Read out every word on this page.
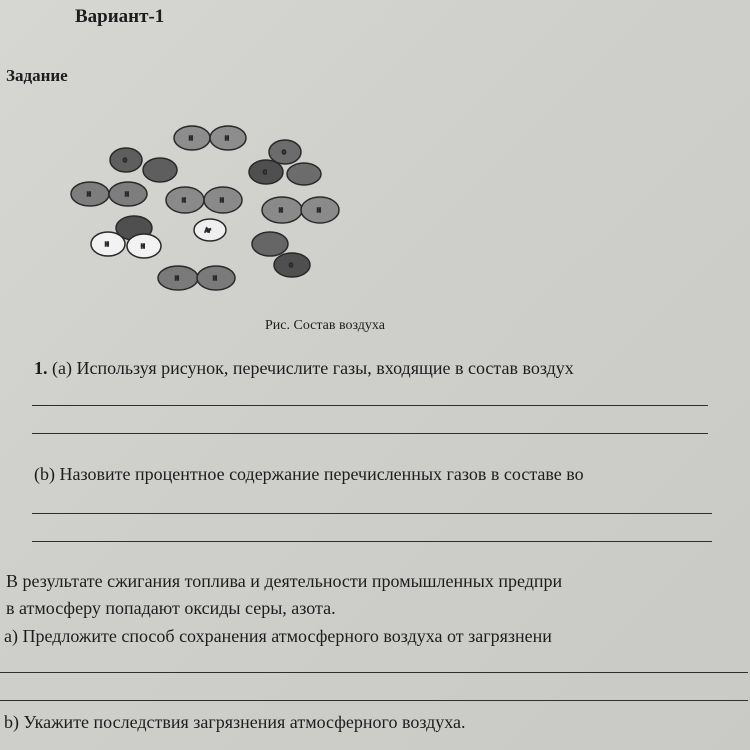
Вариант-1
Задание
H	H
O
O
C
H	H
H	H
H	H
H	H
Ar
O
H	H
Рис. Состав воздуха
1. (а) Используя рисунок, перечислите газы, входящие в состав воздух
(b) Назовите процентное содержание перечисленных газов в составе во
В результате сжигания топлива и деятельности промышленных предпри
в атмосферу попадают оксиды серы, азота.
а) Предложите способ сохранения атмосферного воздуха от загрязнени
b) Укажите последствия загрязнения атмосферного воздуха.
